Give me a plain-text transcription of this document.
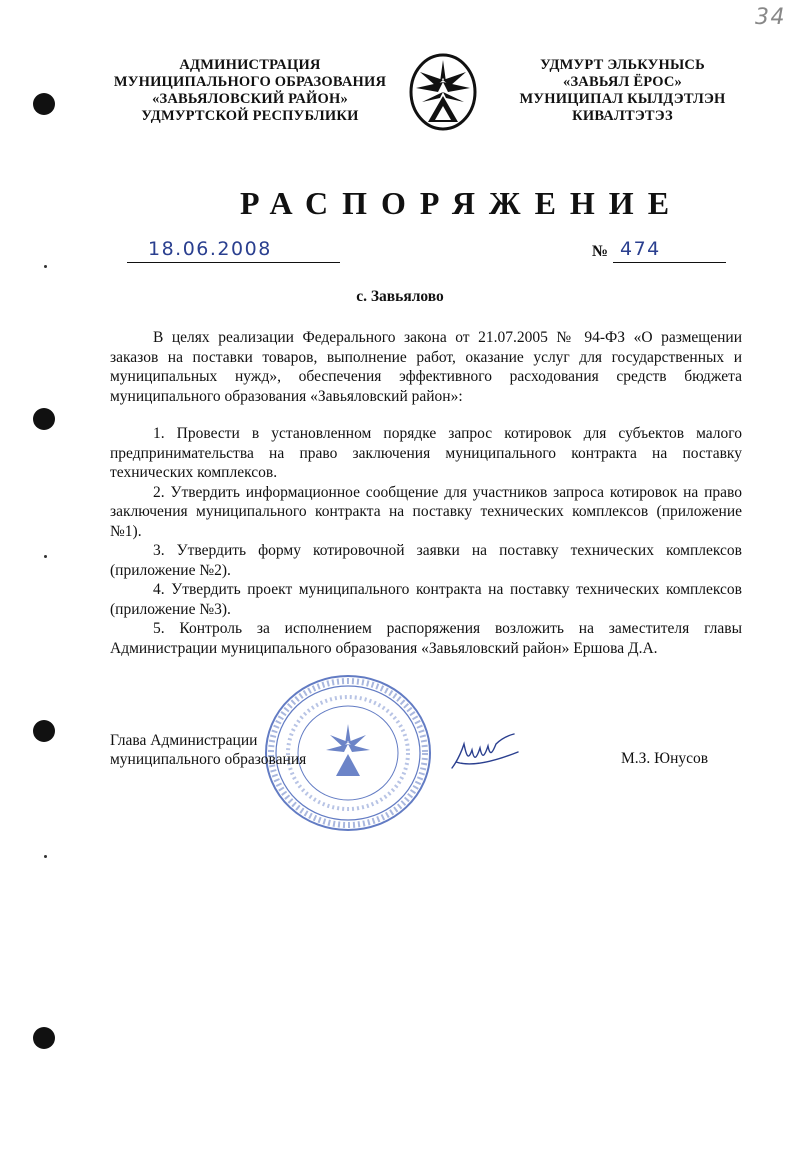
34
АДМИНИСТРАЦИЯ
МУНИЦИПАЛЬНОГО ОБРАЗОВАНИЯ
«ЗАВЬЯЛОВСКИЙ РАЙОН»
УДМУРТСКОЙ РЕСПУБЛИКИ
УДМУРТ ЭЛЬКУНЫСЬ
«ЗАВЬЯЛ ЁРОС»
МУНИЦИПАЛ КЫЛДЭТЛЭН
КИВАЛТЭТЭЗ
РАСПОРЯЖЕНИЕ
18.06.2008	№ 474
с. Завьялово

В целях реализации Федерального закона от 21.07.2005 № 94-ФЗ «О размещении заказов на поставки товаров, выполнение работ, оказание услуг для государственных и муниципальных нужд», обеспечения эффективного расходования средств бюджета муниципального образования «Завьяловский район»:

1. Провести в установленном порядке запрос котировок для субъектов малого предпринимательства на право заключения муниципального контракта на поставку технических комплексов.

2. Утвердить информационное сообщение для участников запроса котировок на право заключения муниципального контракта на поставку технических комплексов (приложение №1).

3. Утвердить форму котировочной заявки на поставку технических комплексов (приложение №2).

4. Утвердить проект муниципального контракта на поставку технических комплексов (приложение №3).

5. Контроль за исполнением распоряжения возложить на заместителя главы Администрации муниципального образования «Завьяловский район» Ершова Д.А.

Глава Администрации
муниципального образования	М.З. Юнусов
